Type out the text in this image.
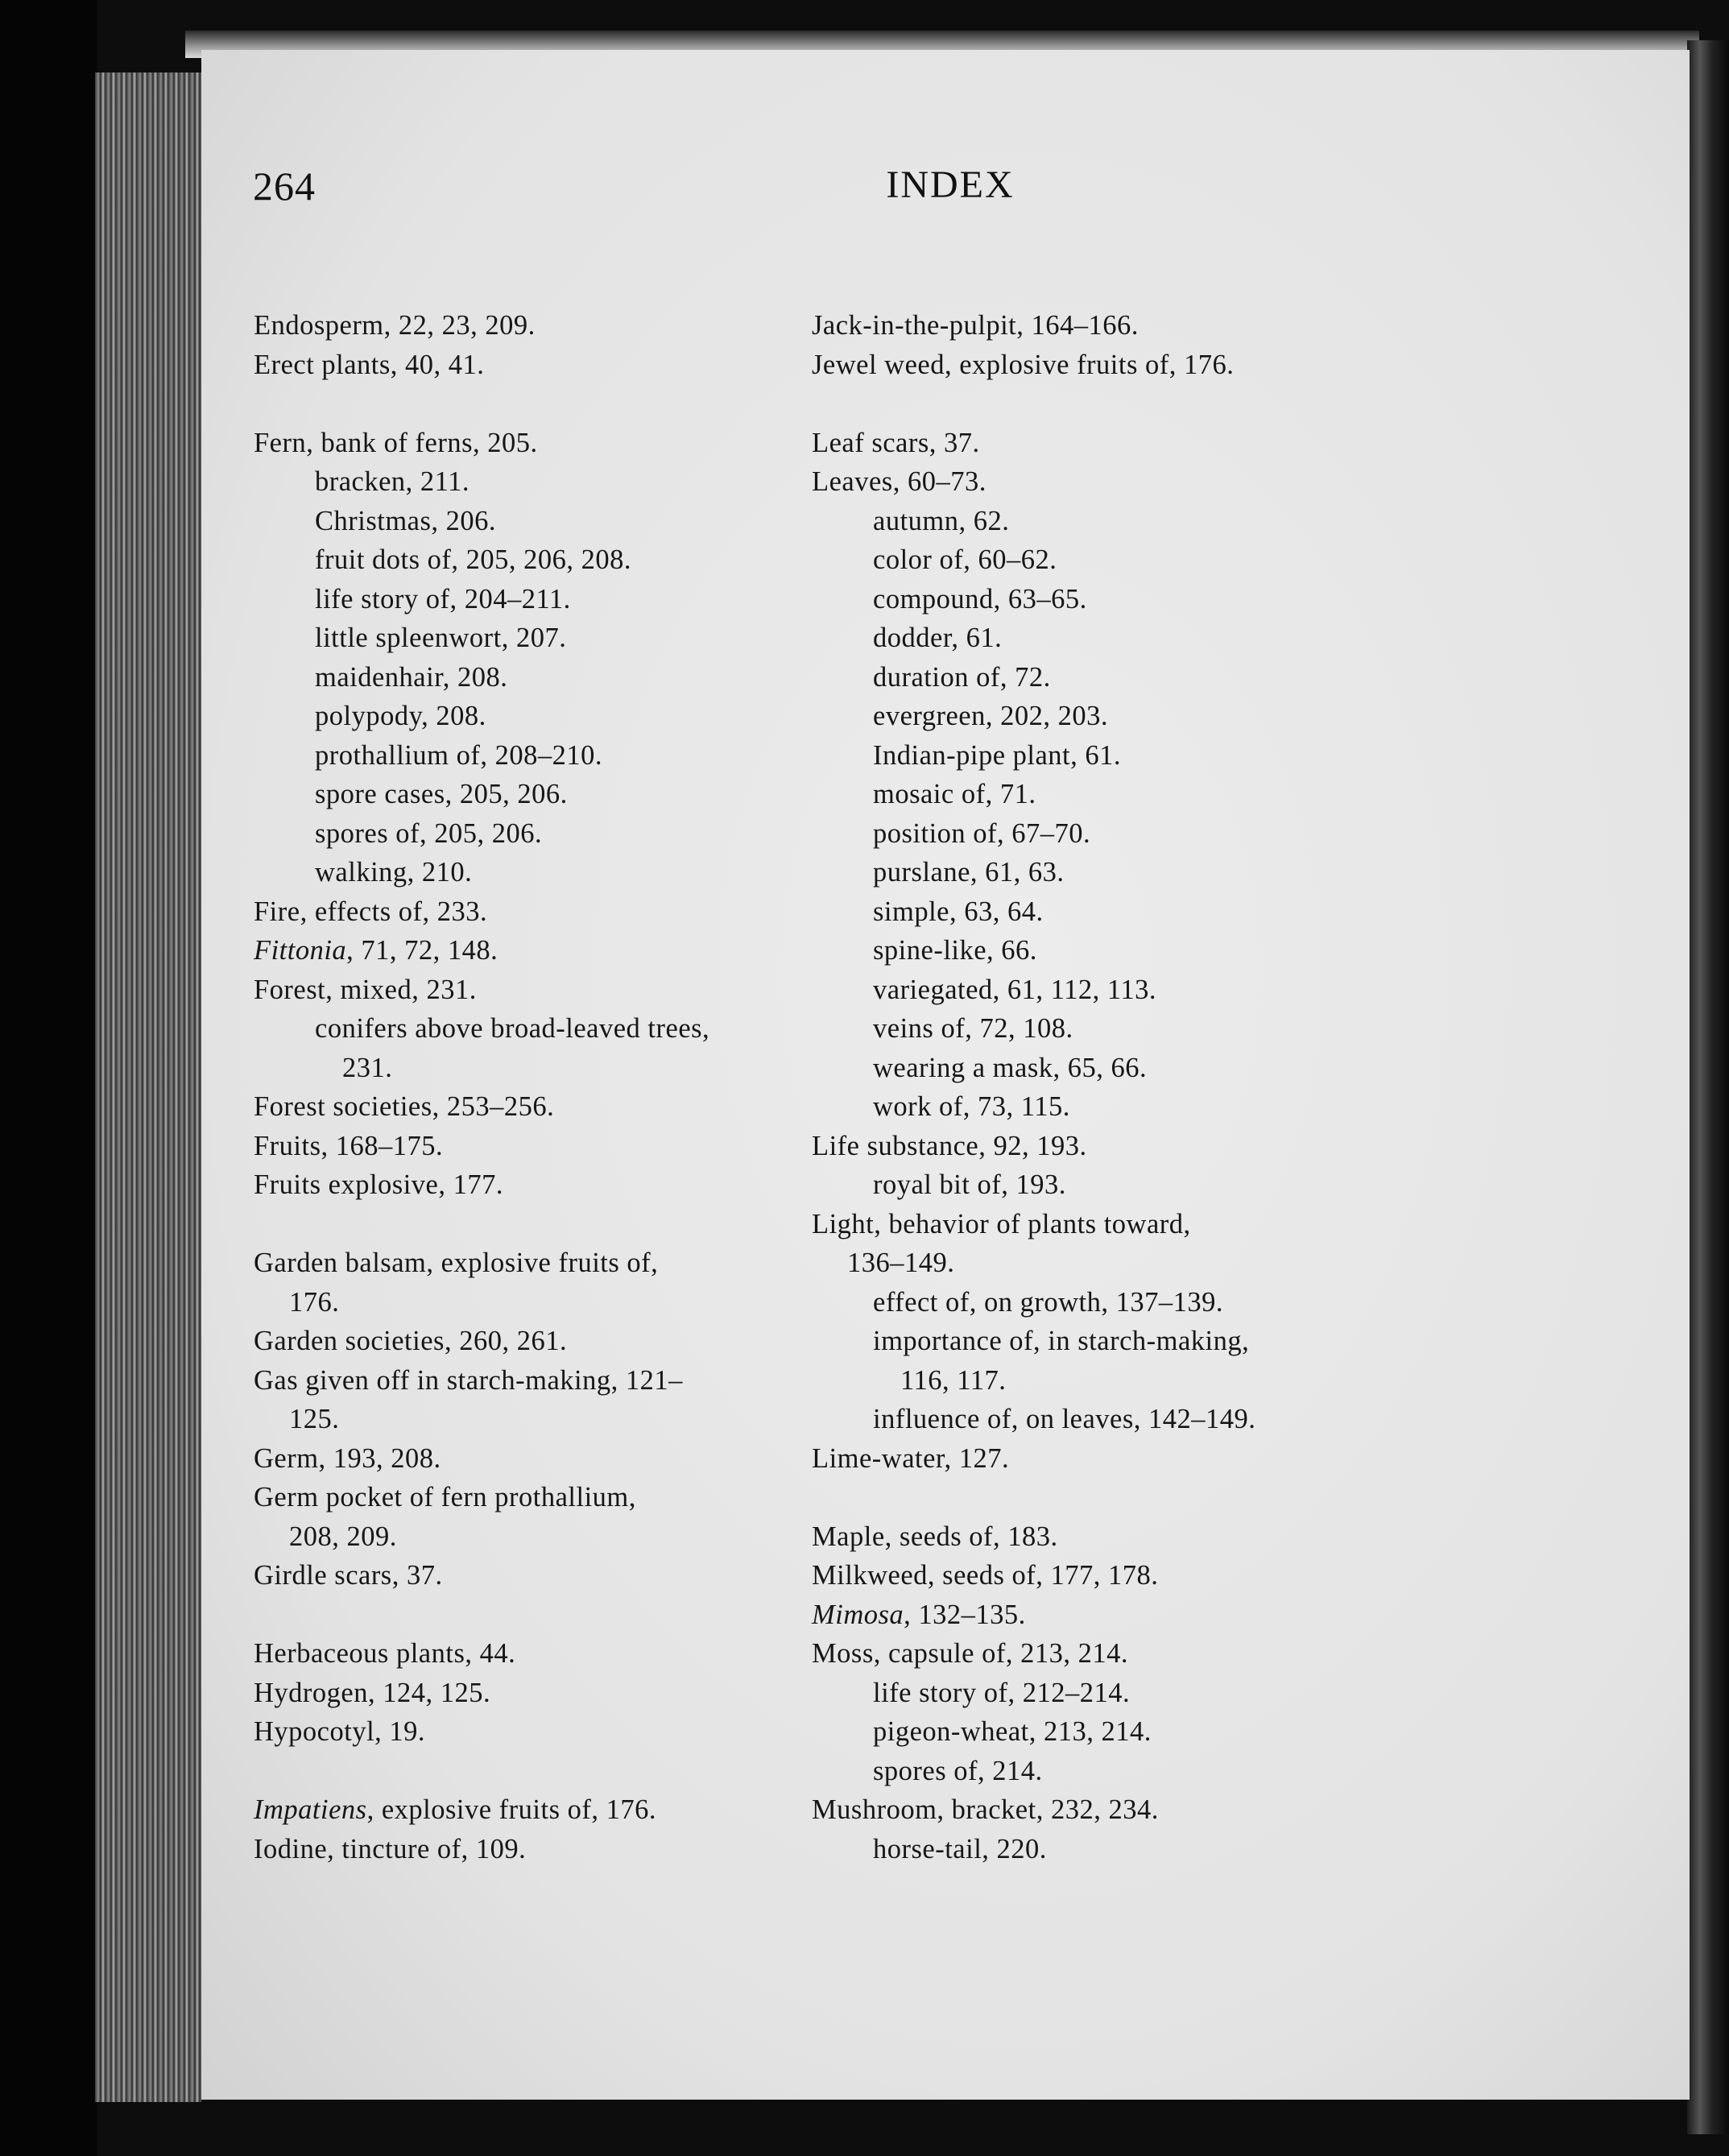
264	INDEX
Endosperm, 22, 23, 209.
Erect plants, 40, 41.
Fern, bank of ferns, 205.
bracken, 211.
Christmas, 206.
fruit dots of, 205, 206, 208.
life story of, 204–211.
little spleenwort, 207.
maidenhair, 208.
polypody, 208.
prothallium of, 208–210.
spore cases, 205, 206.
spores of, 205, 206.
walking, 210.
Fire, effects of, 233.
Fittonia, 71, 72, 148.
Forest, mixed, 231.
conifers above broad-leaved trees,
231.
Forest societies, 253–256.
Fruits, 168–175.
Fruits explosive, 177.
Garden balsam, explosive fruits of,
176.
Garden societies, 260, 261.
Gas given off in starch-making, 121–
125.
Germ, 193, 208.
Germ pocket of fern prothallium,
208, 209.
Girdle scars, 37.
Herbaceous plants, 44.
Hydrogen, 124, 125.
Hypocotyl, 19.
Impatiens, explosive fruits of, 176.
Iodine, tincture of, 109.
Jack-in-the-pulpit, 164–166.
Jewel weed, explosive fruits of, 176.
Leaf scars, 37.
Leaves, 60–73.
autumn, 62.
color of, 60–62.
compound, 63–65.
dodder, 61.
duration of, 72.
evergreen, 202, 203.
Indian-pipe plant, 61.
mosaic of, 71.
position of, 67–70.
purslane, 61, 63.
simple, 63, 64.
spine-like, 66.
variegated, 61, 112, 113.
veins of, 72, 108.
wearing a mask, 65, 66.
work of, 73, 115.
Life substance, 92, 193.
royal bit of, 193.
Light, behavior of plants toward,
136–149.
effect of, on growth, 137–139.
importance of, in starch-making,
116, 117.
influence of, on leaves, 142–149.
Lime-water, 127.
Maple, seeds of, 183.
Milkweed, seeds of, 177, 178.
Mimosa, 132–135.
Moss, capsule of, 213, 214.
life story of, 212–214.
pigeon-wheat, 213, 214.
spores of, 214.
Mushroom, bracket, 232, 234.
horse-tail, 220.
